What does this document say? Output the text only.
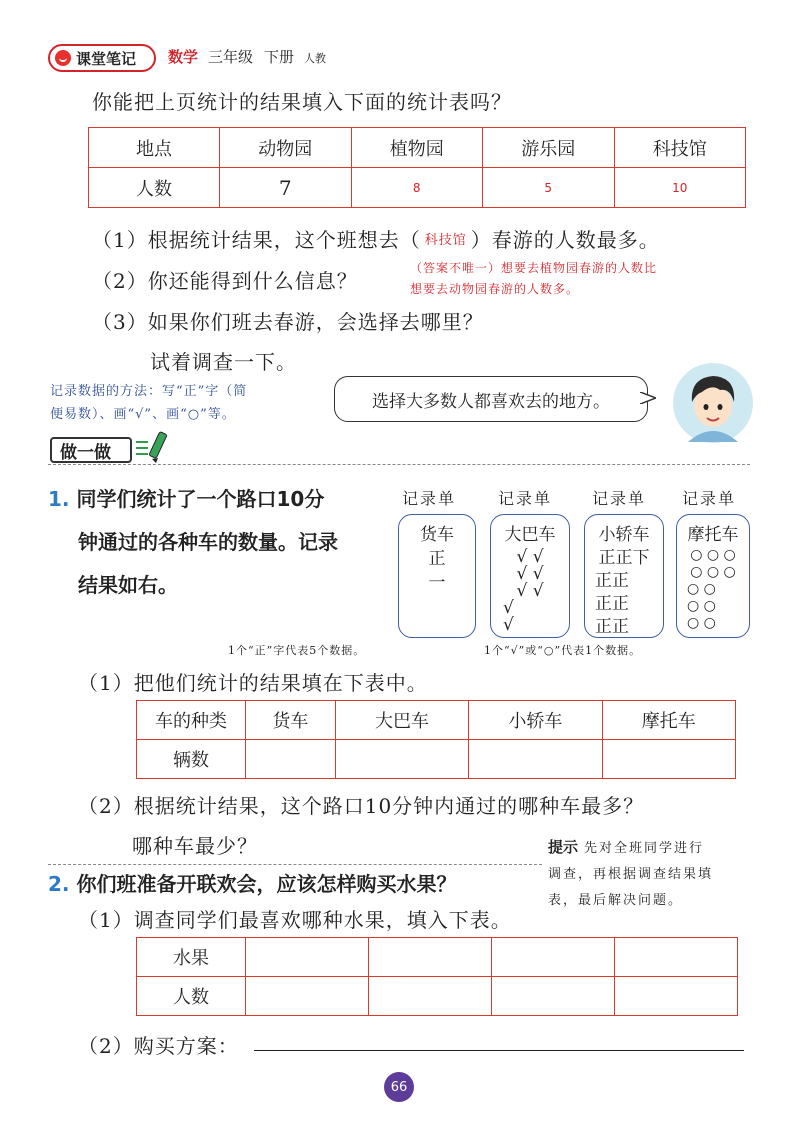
课堂笔记 数学 三年级 下册 人教
你能把上页统计的结果填入下面的统计表吗？
地点	动物园	植物园	游乐园	科技馆
人数	7	8	5	10
（1）根据统计结果，这个班想去（ 科技馆 ）春游的人数最多。
（2）你还能得到什么信息？
（答案不唯一）想要去植物园春游的人数比
想要去动物园春游的人数多。
（3）如果你们班去春游，会选择去哪里？
试着调查一下。
记录数据的方法：写“正”字（简
便易数）、画“√”、画“○”等。
选择大多数人都喜欢去的地方。
做一做
1. 同学们统计了一个路口10分
钟通过的各种车的数量。记录
结果如右。
记录单	记录单 记录单 记录单
货车
正
一
大巴车
√ √
√ √
√ √
√
√
小轿车
正正下
正正
正正
正正
摩托车
○ ○ ○
○ ○ ○
○ ○
○ ○
○ ○
1个“正”字代表5个数据。	1个“√”或“○”代表1个数据。
（1）把他们统计的结果填在下表中。
车的种类	货车	大巴车	小轿车	摩托车
辆数				
（2）根据统计结果，这个路口10分钟内通过的哪种车最多？
哪种车最少？	提示 先对全班同学进行
调查，再根据调查结果填
表，最后解决问题。
2. 你们班准备开联欢会，应该怎样购买水果？
（1）调查同学们最喜欢哪种水果，填入下表。
水果				
人数				
（2）购买方案：
66
